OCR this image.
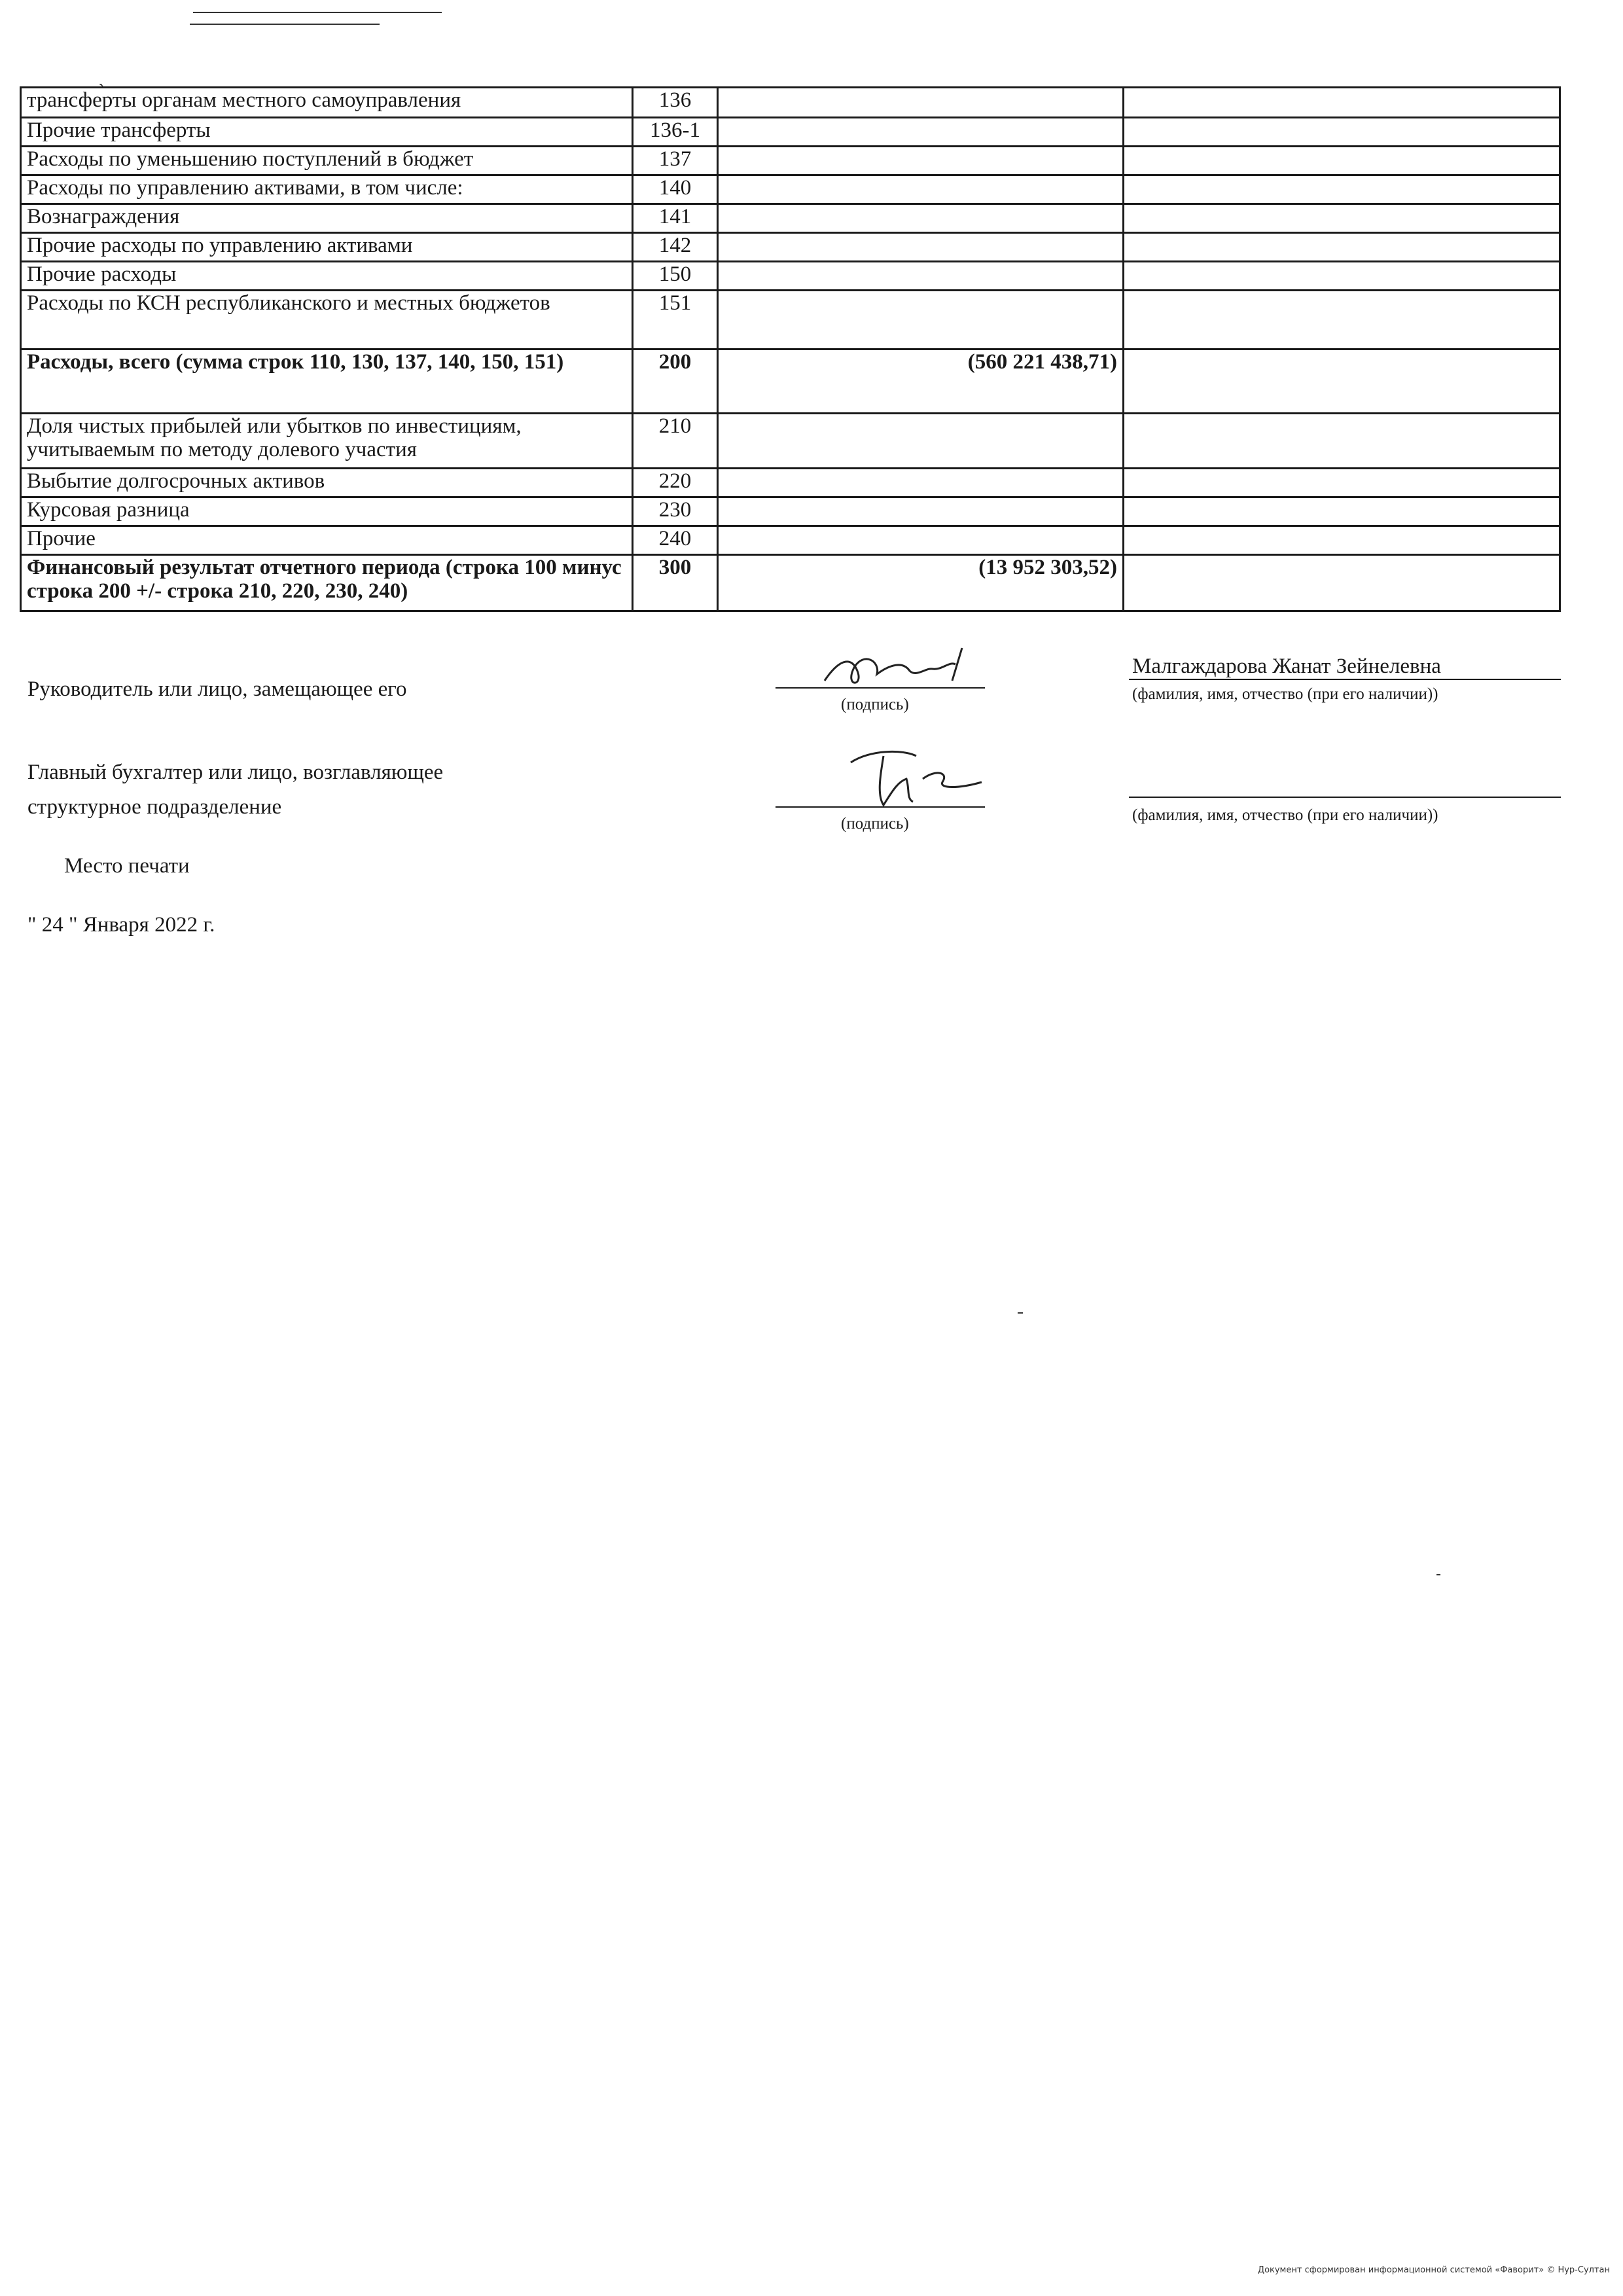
ˎ
трансферты органам местного самоуправления	136		
Прочие трансферты	136-1		
Расходы по уменьшению поступлений в бюджет	137		
Расходы по управлению активами, в том числе:	140		
Вознаграждения	141		
Прочие расходы по управлению активами	142		
Прочие расходы	150		
Расходы по КСН республиканского и местных бюджетов	151		
Расходы, всего (сумма строк 110, 130, 137, 140, 150, 151)	200	(560 221 438,71)	
Доля чистых прибылей или убытков по инвестициям, учитываемым по методу долевого участия	210		
Выбытие долгосрочных активов	220		
Курсовая разница	230		
Прочие	240		
Финансовый результат отчетного периода (строка 100 минус строка 200 +/- строка 210, 220, 230, 240)	300	(13 952 303,52)	
Руководитель или лицо, замещающее его
(подпись)
Малгаждарова Жанат Зейнелевна
(фамилия, имя, отчество (при его наличии))
Главный бухгалтер или лицо, возглавляющее
структурное подразделение
(подпись)	(фамилия, имя, отчество (при его наличии))
Место печати
" 24 " Января 2022 г.
Документ сформирован информационной системой «Фаворит» © Нур-Султан
